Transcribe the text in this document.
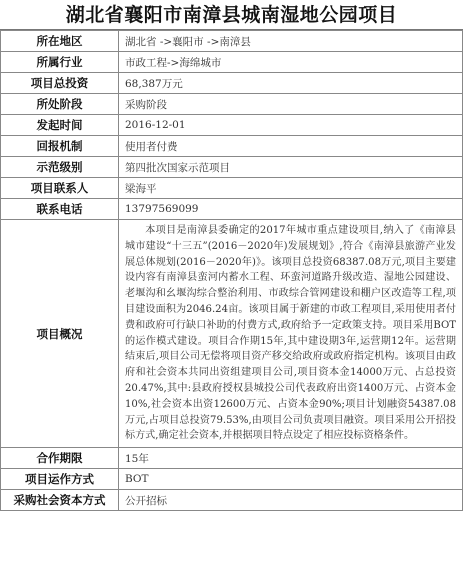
湖北省襄阳市南漳县城南湿地公园项目
所在地区	湖北省 ->襄阳市 ->南漳县
所属行业	市政工程->海绵城市
项目总投资	68,387万元
所处阶段	采购阶段
发起时间	2016-12-01
回报机制	使用者付费
示范级别	第四批次国家示范项目
项目联系人	梁海平
联系电话	13797569099
项目概况	本项目是南漳县委确定的2017年城市重点建设项目,纳入了《南漳县城市建设“十三五”(2016－2020年)发展规划》,符合《南漳县旅游产业发展总体规划(2016－2020年)》。该项目总投资68387.08万元,项目主要建设内容有南漳县蛮河内蓄水工程、环蛮河道路升级改造、湿地公园建设、老堰沟和幺堰沟综合整治利用、市政综合管网建设和棚户区改造等工程,项目建设面积为2046.24亩。该项目属于新建的市政工程项目,采用使用者付费和政府可行缺口补助的付费方式,政府给予一定政策支持。项目采用BOT的运作模式建设。项目合作期15年,其中建设期3年,运营期12年。运营期结束后,项目公司无偿将项目资产移交给政府或政府指定机构。该项目由政府和社会资本共同出资组建项目公司,项目资本金14000万元、占总投资20.47%,其中:县政府授权县城投公司代表政府出资1400万元、占资本金10%,社会资本出资12600万元、占资本金90%;项目计划融资54387.08万元,占项目总投资79.53%,由项目公司负责项目融资。项目采用公开招投标方式,确定社会资本,并根据项目特点设定了相应投标资格条件。
合作期限	15年
项目运作方式	BOT
采购社会资本方式	公开招标
